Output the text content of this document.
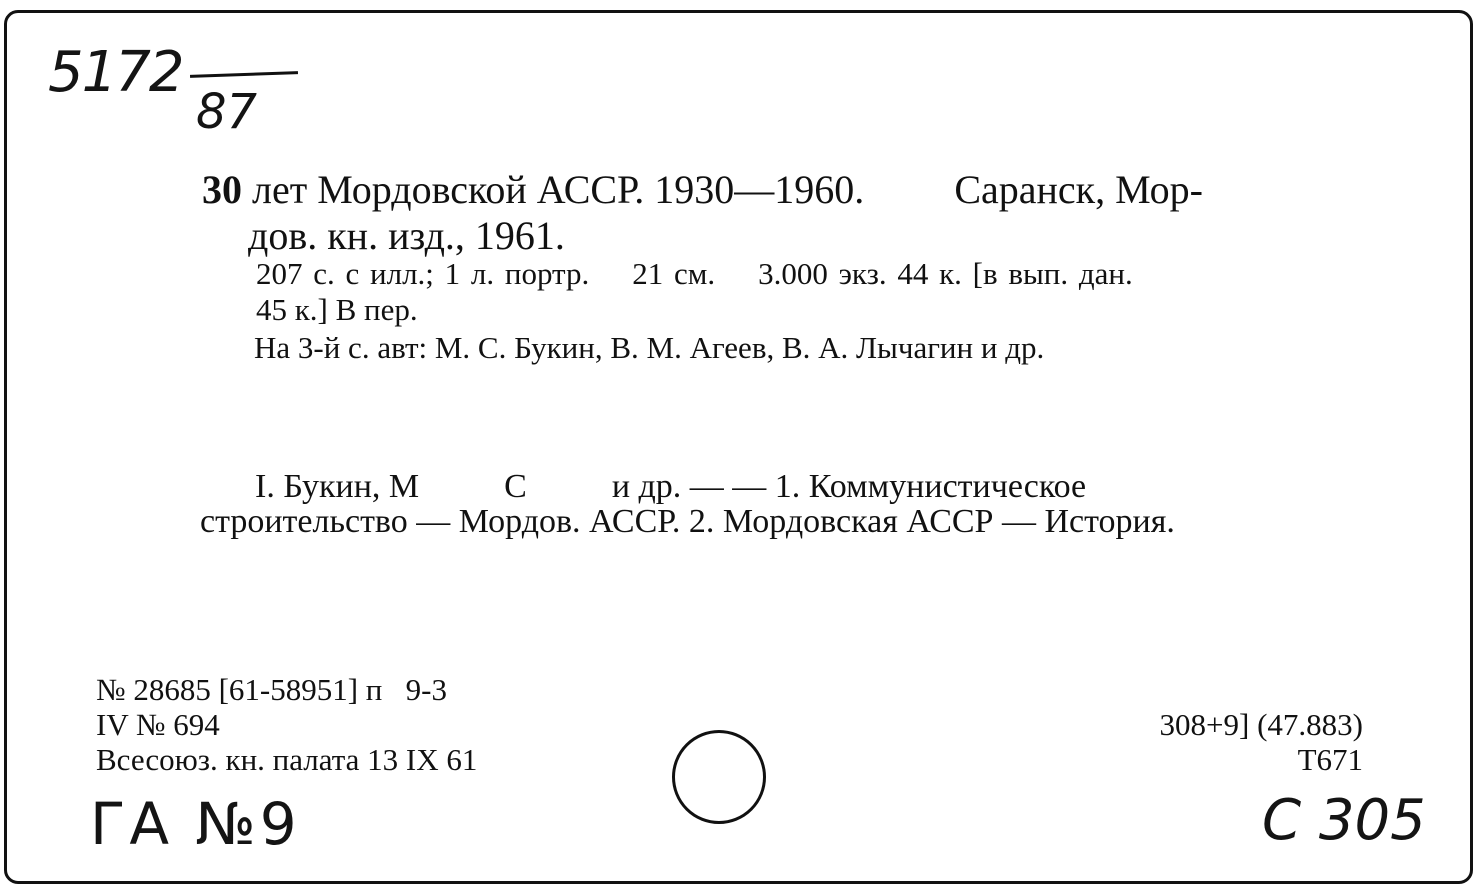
5172
87
30 лет Мордовской АССР. 1930—1960. Саранск, Мор-
дов. кн. изд., 1961.
207 с. с илл.; 1 л. портр.    21 см.    3.000 экз. 44 к. [в вып. дан.
45 к.] В пер.
На 3-й с. авт: М. С. Букин, В. М. Агеев, В. А. Лычагин и др.
I. Букин, М          С          и др. — — 1. Коммунистическое
строительство — Мордов. АССР. 2. Мордовская АССР — История.
№ 28685 [61-58951] п   9-3
IV № 694
Всесоюз. кн. палата 13 IX 61
308+9] (47.883)
Т671
ГА №9	С 305
